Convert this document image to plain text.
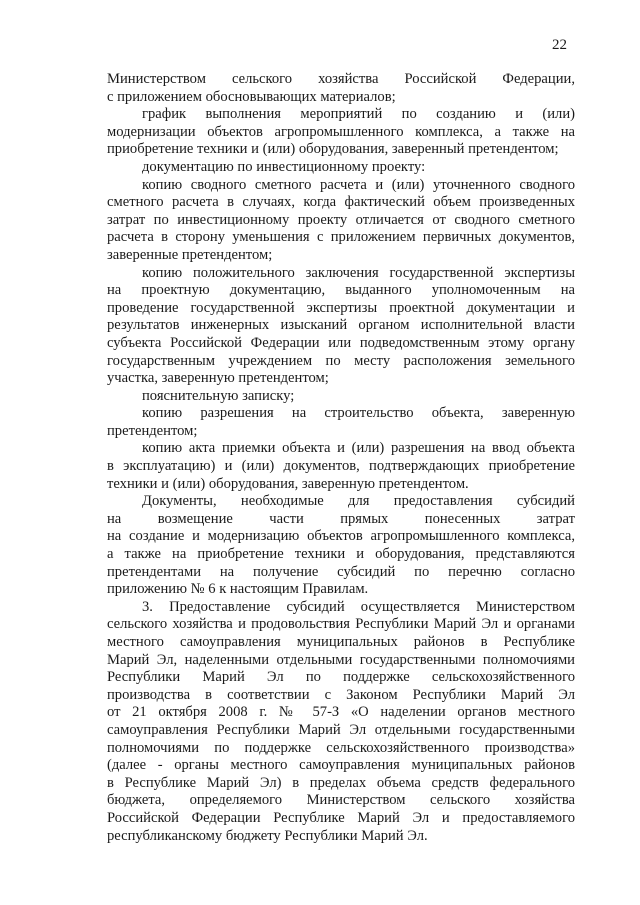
22
Министерством сельского хозяйства Российской Федерации,
с приложением обосновывающих материалов;
график выполнения мероприятий по созданию и (или)
модернизации объектов агропромышленного комплекса, а также на
приобретение техники и (или) оборудования, заверенный претендентом;
документацию по инвестиционному проекту:
копию сводного сметного расчета и (или) уточненного сводного
сметного расчета в случаях, когда фактический объем произведенных
затрат по инвестиционному проекту отличается от сводного сметного
расчета в сторону уменьшения с приложением первичных документов,
заверенные претендентом;
копию положительного заключения государственной экспертизы
на проектную документацию, выданного уполномоченным на
проведение государственной экспертизы проектной документации и
результатов инженерных изысканий органом исполнительной власти
субъекта Российской Федерации или подведомственным этому органу
государственным учреждением по месту расположения земельного
участка, заверенную претендентом;
пояснительную записку;
копию разрешения на строительство объекта, заверенную
претендентом;
копию акта приемки объекта и (или) разрешения на ввод объекта
в эксплуатацию) и (или) документов, подтверждающих приобретение
техники и (или) оборудования, заверенную претендентом.
Документы, необходимые для предоставления субсидий
на возмещение части прямых понесенных затрат
на создание и модернизацию объектов агропромышленного комплекса,
а также на приобретение техники и оборудования, представляются
претендентами на получение субсидий по перечню согласно
приложению № 6 к настоящим Правилам.
3. Предоставление субсидий осуществляется Министерством
сельского хозяйства и продовольствия Республики Марий Эл и органами
местного самоуправления муниципальных районов в Республике
Марий Эл, наделенными отдельными государственными полномочиями
Республики Марий Эл по поддержке сельскохозяйственного
производства в соответствии с Законом Республики Марий Эл
от 21 октября 2008 г. № 57-З «О наделении органов местного
самоуправления Республики Марий Эл отдельными государственными
полномочиями по поддержке сельскохозяйственного производства»
(далее - органы местного самоуправления муниципальных районов
в Республике Марий Эл) в пределах объема средств федерального
бюджета, определяемого Министерством сельского хозяйства
Российской Федерации Республике Марий Эл и предоставляемого
республиканскому бюджету Республики Марий Эл.
